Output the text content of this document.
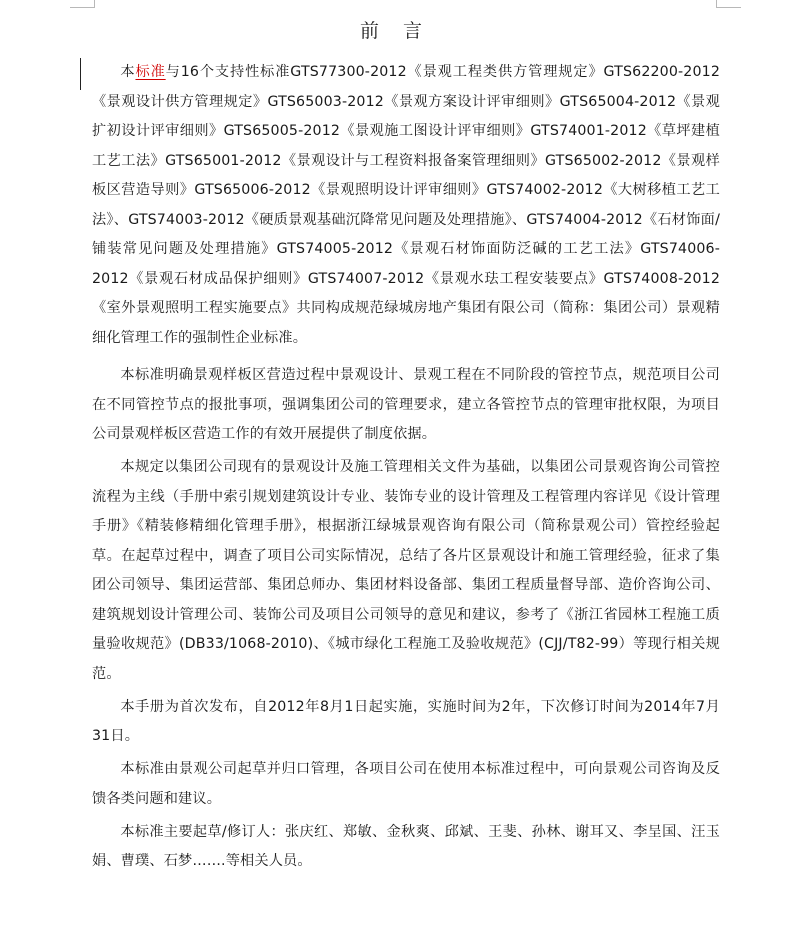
前 言

本标准与16个支持性标准GTS77300-2012《景观工程类供方管理规定》GTS62200-2012《景观设计供方管理规定》GTS65003-2012《景观方案设计评审细则》GTS65004-2012《景观扩初设计评审细则》GTS65005-2012《景观施工图设计评审细则》GTS74001-2012《草坪建植工艺工法》GTS65001-2012《景观设计与工程资料报备案管理细则》GTS65002-2012《景观样板区营造导则》GTS65006-2012《景观照明设计评审细则》GTS74002-2012《大树移植工艺工法》、GTS74003-2012《硬质景观基础沉降常见问题及处理措施》、GTS74004-2012《石材饰面/铺装常见问题及处理措施》GTS74005-2012《景观石材饰面防泛碱的工艺工法》GTS74006-2012《景观石材成品保护细则》GTS74007-2012《景观水珐工程安装要点》GTS74008-2012《室外景观照明工程实施要点》共同构成规范绿城房地产集团有限公司（简称：集团公司）景观精细化管理工作的强制性企业标准。

本标准明确景观样板区营造过程中景观设计、景观工程在不同阶段的管控节点，规范项目公司在不同管控节点的报批事项，强调集团公司的管理要求，建立各管控节点的管理审批权限，为项目公司景观样板区营造工作的有效开展提供了制度依据。

本规定以集团公司现有的景观设计及施工管理相关文件为基础，以集团公司景观咨询公司管控流程为主线（手册中索引规划建筑设计专业、装饰专业的设计管理及工程管理内容详见《设计管理手册》《精装修精细化管理手册》，根据浙江绿城景观咨询有限公司（简称景观公司）管控经验起草。在起草过程中，调查了项目公司实际情况，总结了各片区景观设计和施工管理经验，征求了集团公司领导、集团运营部、集团总师办、集团材料设备部、集团工程质量督导部、造价咨询公司、建筑规划设计管理公司、装饰公司及项目公司领导的意见和建议，参考了《浙江省园林工程施工质量验收规范》(DB33/1068-2010)、《城市绿化工程施工及验收规范》(CJJ/T82-99）等现行相关规范。

本手册为首次发布，自2012年8月1日起实施，实施时间为2年，下次修订时间为2014年7月31日。

本标准由景观公司起草并归口管理，各项目公司在使用本标准过程中，可向景观公司咨询及反馈各类问题和建议。

本标准主要起草/修订人：张庆红、郑敏、金秋爽、邱斌、王斐、孙林、谢耳又、李呈国、汪玉娟、曹璞、石梦…….等相关人员。
